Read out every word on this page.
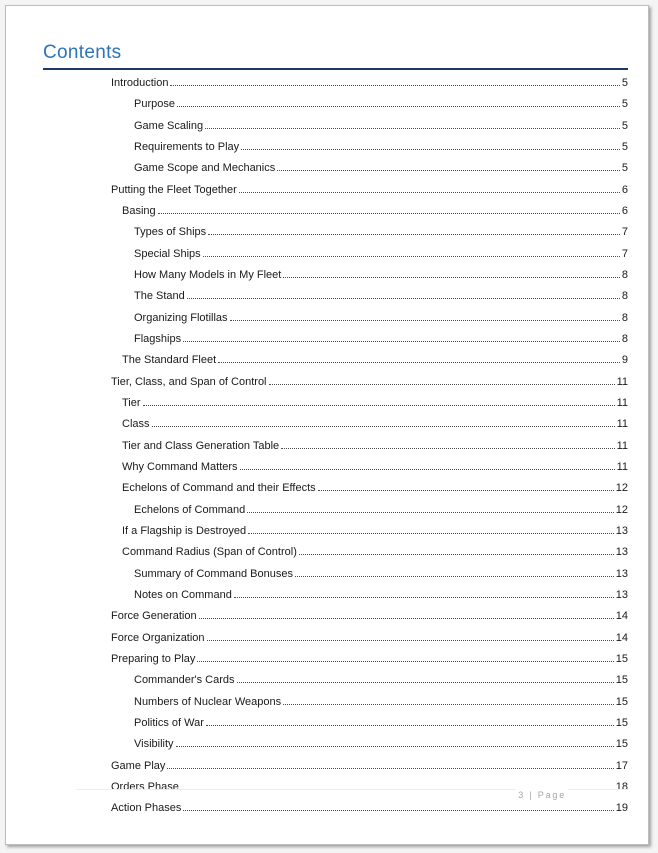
Contents
Introduction	5
Purpose	5
Game Scaling	5
Requirements to Play	5
Game Scope and Mechanics	5
Putting the Fleet Together	6
Basing	6
Types of Ships	7
Special Ships	7
How Many Models in My Fleet	8
The Stand	8
Organizing Flotillas	8
Flagships	8
The Standard Fleet	9
Tier, Class, and Span of Control	11
Tier	11
Class	11
Tier and Class Generation Table	11
Why Command Matters	11
Echelons of Command and their Effects	12
Echelons of Command	12
If a Flagship is Destroyed	13
Command Radius (Span of Control)	13
Summary of Command Bonuses	13
Notes on Command	13
Force Generation	14
Force Organization	14
Preparing to Play	15
Commander's Cards	15
Numbers of Nuclear Weapons	15
Politics of War	15
Visibility	15
Game Play	17
Orders Phase	18
Action Phases	19
3 | Page
